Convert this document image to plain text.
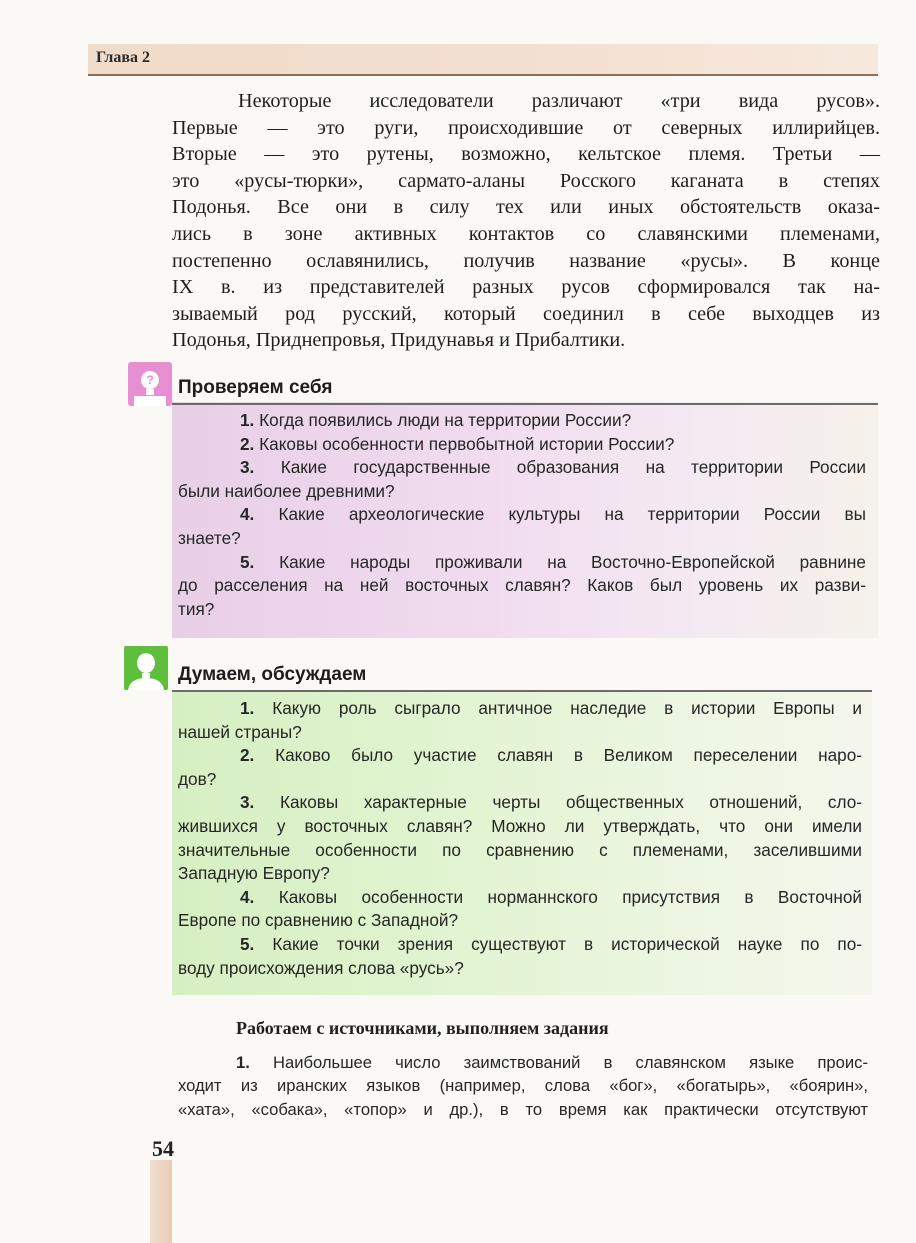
Глава 2

Некоторые исследователи различают «три вида русов».
Первые — это руги, происходившие от северных иллирийцев.
Вторые — это рутены, возможно, кельтское племя. Третьи —
это «русы-тюрки», сармато-аланы Росского каганата в степях
Подонья. Все они в силу тех или иных обстоятельств оказа-
лись в зоне активных контактов со славянскими племенами,
постепенно ославянились, получив название «русы». В конце
IX в. из представителей разных русов сформировался так на-
зываемый род русский, который соединил в себе выходцев из
Подонья, Приднепровья, Придунавья и Прибалтики.

? Проверяем себя

1. Когда появились люди на территории России?

2. Каковы особенности первобытной истории России?

3. Какие государственные образования на территории России
были наиболее древними?

4. Какие археологические культуры на территории России вы
знаете?

5. Какие народы проживали на Восточно-Европейской равнине
до расселения на ней восточных славян? Каков был уровень их разви-
тия?

Думаем, обсуждаем

1. Какую роль сыграло античное наследие в истории Европы и
нашей страны?

2. Каково было участие славян в Великом переселении наро-
дов?

3. Каковы характерные черты общественных отношений, сло-
жившихся у восточных славян? Можно ли утверждать, что они имели
значительные особенности по сравнению с племенами, заселившими
Западную Европу?

4. Каковы особенности норманнского присутствия в Восточной
Европе по сравнению с Западной?

5. Какие точки зрения существуют в исторической науке по по-
воду происхождения слова «русь»?

Работаем с источниками, выполняем задания
1. Наибольшее число заимствований в славянском языке проис-
ходит из иранских языков (например, слова «бог», «богатырь», «боярин»,
«хата», «собака», «топор» и др.), в то время как практически отсутствуют
54
